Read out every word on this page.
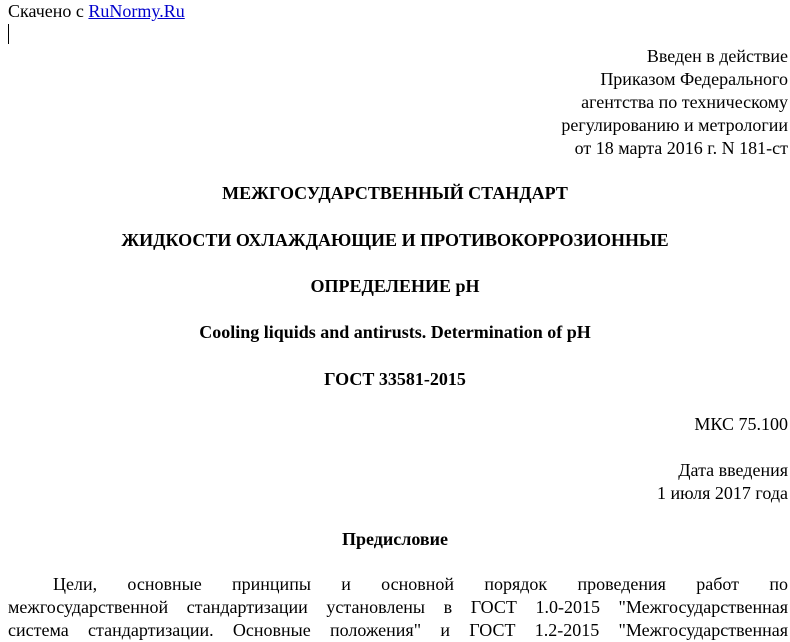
Скачено с RuNormy.Ru
Введен в действие
Приказом Федерального
агентства по техническому
регулированию и метрологии
от 18 марта 2016 г. N 181-ст
МЕЖГОСУДАРСТВЕННЫЙ СТАНДАРТ
ЖИДКОСТИ ОХЛАЖДАЮЩИЕ И ПРОТИВОКОРРОЗИОННЫЕ
ОПРЕДЕЛЕНИЕ pH
Cooling liquids and antirusts. Determination of pH
ГОСТ 33581-2015
МКС 75.100
Дата введения
1 июля 2017 года
Предисловие
Цели, основные принципы и основной порядок проведения работ по
межгосударственной стандартизации установлены в ГОСТ 1.0-2015 "Межгосударственная
система стандартизации. Основные положения" и ГОСТ 1.2-2015 "Межгосударственная
